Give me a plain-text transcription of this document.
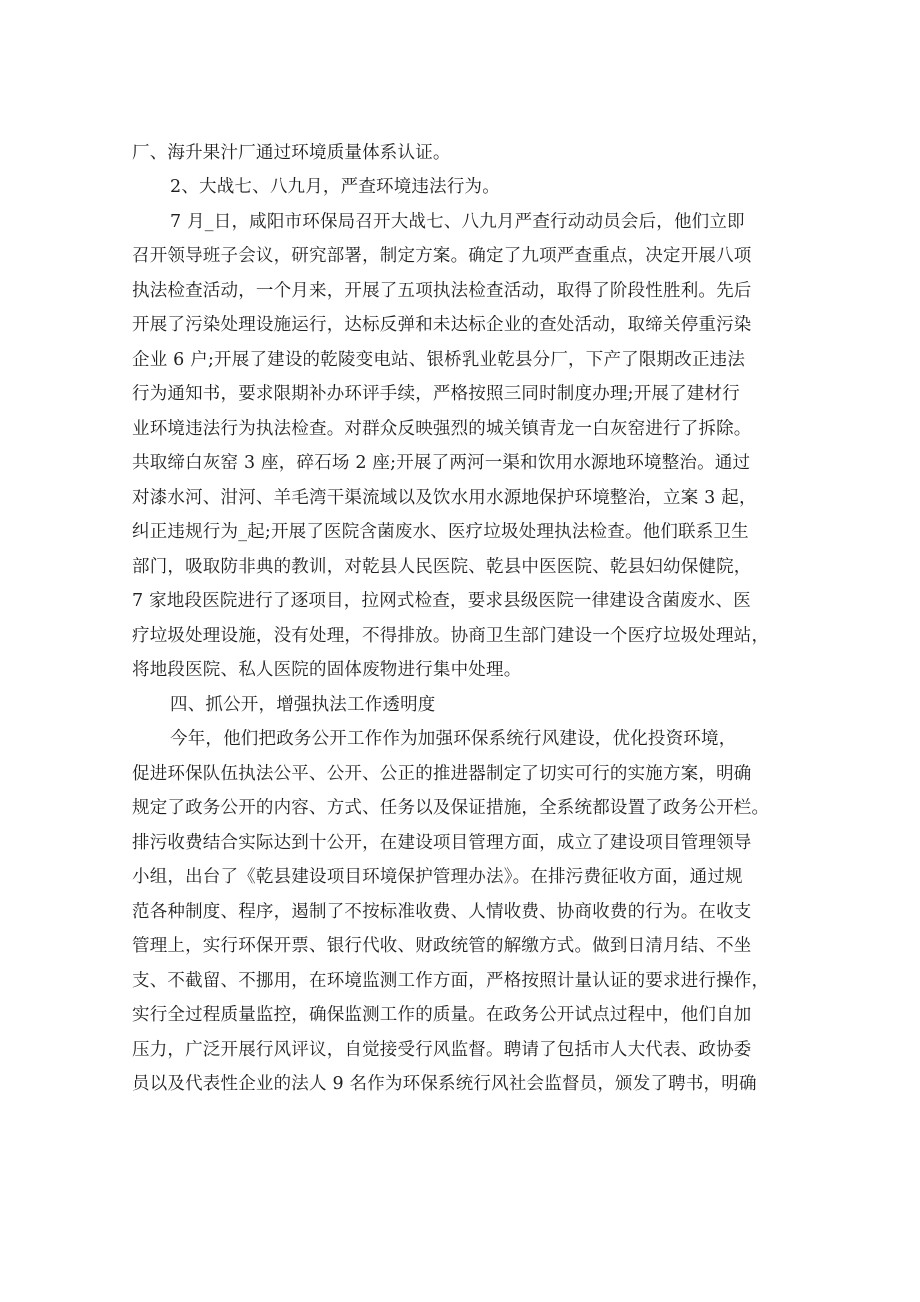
厂、海升果汁厂通过环境质量体系认证。
2、大战七、八九月，严查环境违法行为。
7 月_日，咸阳市环保局召开大战七、八九月严查行动动员会后，他们立即
召开领导班子会议，研究部署，制定方案。确定了九项严查重点，决定开展八项
执法检查活动，一个月来，开展了五项执法检查活动，取得了阶段性胜利。先后
开展了污染处理设施运行，达标反弹和未达标企业的查处活动，取缔关停重污染
企业 6 户;开展了建设的乾陵变电站、银桥乳业乾县分厂，下产了限期改正违法
行为通知书，要求限期补办环评手续，严格按照三同时制度办理;开展了建材行
业环境违法行为执法检查。对群众反映强烈的城关镇青龙一白灰窑进行了拆除。
共取缔白灰窑 3 座，碎石场 2 座;开展了两河一渠和饮用水源地环境整治。通过
对漆水河、泔河、羊毛湾干渠流域以及饮水用水源地保护环境整治，立案 3 起，
纠正违规行为_起;开展了医院含菌废水、医疗垃圾处理执法检查。他们联系卫生
部门，吸取防非典的教训，对乾县人民医院、乾县中医医院、乾县妇幼保健院，
7 家地段医院进行了逐项目，拉网式检查，要求县级医院一律建设含菌废水、医
疗垃圾处理设施，没有处理，不得排放。协商卫生部门建设一个医疗垃圾处理站，
将地段医院、私人医院的固体废物进行集中处理。
四、抓公开，增强执法工作透明度
今年，他们把政务公开工作作为加强环保系统行风建设，优化投资环境，
促进环保队伍执法公平、公开、公正的推进器制定了切实可行的实施方案，明确
规定了政务公开的内容、方式、任务以及保证措施，全系统都设置了政务公开栏。
排污收费结合实际达到十公开，在建设项目管理方面，成立了建设项目管理领导
小组，出台了《乾县建设项目环境保护管理办法》。在排污费征收方面，通过规
范各种制度、程序，遏制了不按标准收费、人情收费、协商收费的行为。在收支
管理上，实行环保开票、银行代收、财政统管的解缴方式。做到日清月结、不坐
支、不截留、不挪用，在环境监测工作方面，严格按照计量认证的要求进行操作，
实行全过程质量监控，确保监测工作的质量。在政务公开试点过程中，他们自加
压力，广泛开展行风评议，自觉接受行风监督。聘请了包括市人大代表、政协委
员以及代表性企业的法人 9 名作为环保系统行风社会监督员，颁发了聘书，明确
